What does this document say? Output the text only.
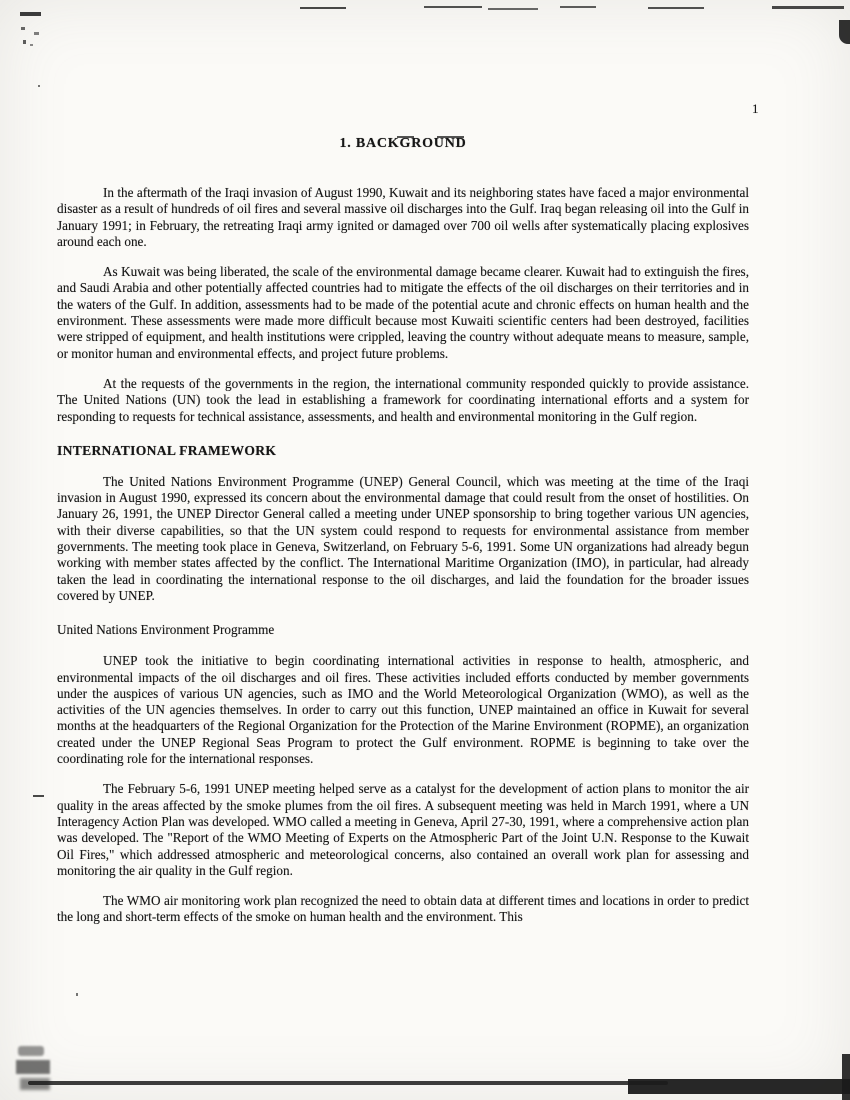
1
1. BACKGROUND

In the aftermath of the Iraqi invasion of August 1990, Kuwait and its neighboring states have faced a major environmental disaster as a result of hundreds of oil fires and several massive oil discharges into the Gulf. Iraq began releasing oil into the Gulf in January 1991; in February, the retreating Iraqi army ignited or damaged over 700 oil wells after systematically placing explosives around each one.

As Kuwait was being liberated, the scale of the environmental damage became clearer. Kuwait had to extinguish the fires, and Saudi Arabia and other potentially affected countries had to mitigate the effects of the oil discharges on their territories and in the waters of the Gulf. In addition, assessments had to be made of the potential acute and chronic effects on human health and the environment. These assessments were made more difficult because most Kuwaiti scientific centers had been destroyed, facilities were stripped of equipment, and health institutions were crippled, leaving the country without adequate means to measure, sample, or monitor human and environmental effects, and project future problems.

At the requests of the governments in the region, the international community responded quickly to provide assistance. The United Nations (UN) took the lead in establishing a framework for coordinating international efforts and a system for responding to requests for technical assistance, assessments, and health and environmental monitoring in the Gulf region.

INTERNATIONAL FRAMEWORK

The United Nations Environment Programme (UNEP) General Council, which was meeting at the time of the Iraqi invasion in August 1990, expressed its concern about the environmental damage that could result from the onset of hostilities. On January 26, 1991, the UNEP Director General called a meeting under UNEP sponsorship to bring together various UN agencies, with their diverse capabilities, so that the UN system could respond to requests for environmental assistance from member governments. The meeting took place in Geneva, Switzerland, on February 5-6, 1991. Some UN organizations had already begun working with member states affected by the conflict. The International Maritime Organization (IMO), in particular, had already taken the lead in coordinating the international response to the oil discharges, and laid the foundation for the broader issues covered by UNEP.

United Nations Environment Programme

UNEP took the initiative to begin coordinating international activities in response to health, atmospheric, and environmental impacts of the oil discharges and oil fires. These activities included efforts conducted by member governments under the auspices of various UN agencies, such as IMO and the World Meteorological Organization (WMO), as well as the activities of the UN agencies themselves. In order to carry out this function, UNEP maintained an office in Kuwait for several months at the headquarters of the Regional Organization for the Protection of the Marine Environment (ROPME), an organization created under the UNEP Regional Seas Program to protect the Gulf environment. ROPME is beginning to take over the coordinating role for the international responses.

The February 5-6, 1991 UNEP meeting helped serve as a catalyst for the development of action plans to monitor the air quality in the areas affected by the smoke plumes from the oil fires. A subsequent meeting was held in March 1991, where a UN Interagency Action Plan was developed. WMO called a meeting in Geneva, April 27-30, 1991, where a comprehensive action plan was developed. The "Report of the WMO Meeting of Experts on the Atmospheric Part of the Joint U.N. Response to the Kuwait Oil Fires," which addressed atmospheric and meteorological concerns, also contained an overall work plan for assessing and monitoring the air quality in the Gulf region.

The WMO air monitoring work plan recognized the need to obtain data at different times and locations in order to predict the long and short-term effects of the smoke on human health and the environment. This
